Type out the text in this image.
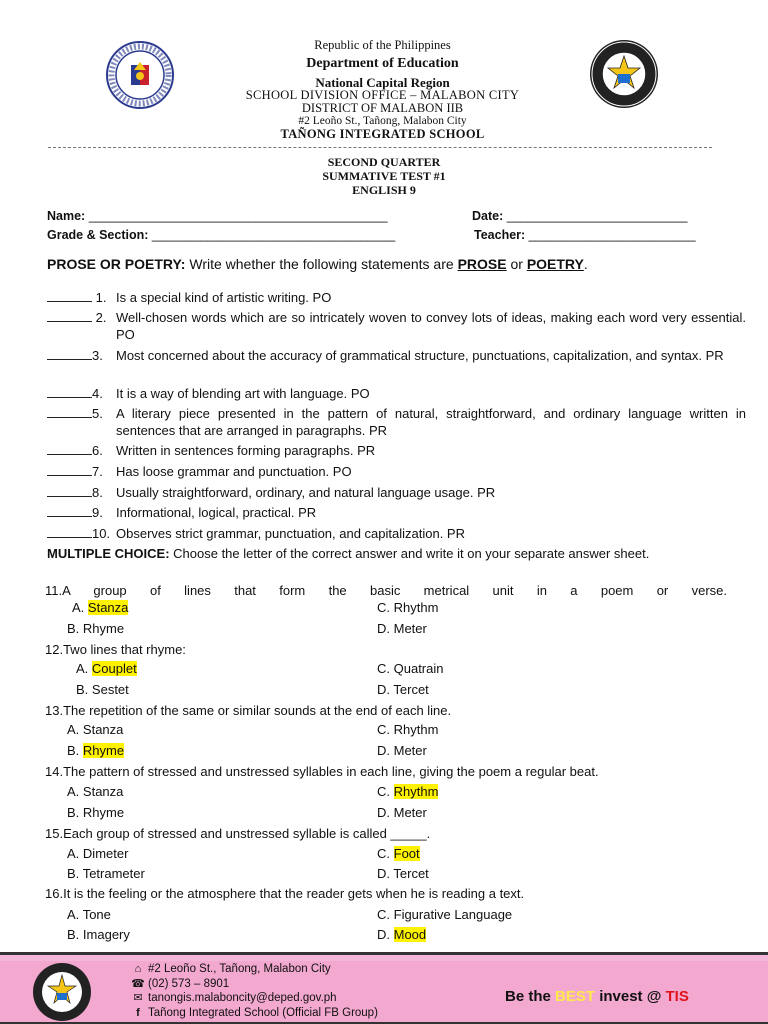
Republic of the Philippines
Department of Education
National Capital Region
SCHOOL DIVISION OFFICE – MALABON CITY
DISTRICT OF MALABON IIB
#2 Leoño St., Tañong, Malabon City
TAÑONG INTEGRATED SCHOOL
SECOND QUARTER
SUMMATIVE TEST #1
ENGLISH 9
Name: ___________________________________________	Date: __________________________
Grade & Section: ___________________________________	Teacher: ________________________
PROSE OR POETRY: Write whether the following statements are PROSE or POETRY.
1. Is a special kind of artistic writing. PO
2. Well-chosen words which are so intricately woven to convey lots of ideas, making each word very essential. PO
3. Most concerned about the accuracy of grammatical structure, punctuations, capitalization, and syntax. PR
4. It is a way of blending art with language. PO
5. A literary piece presented in the pattern of natural, straightforward, and ordinary language written in sentences that are arranged in paragraphs. PR
6. Written in sentences forming paragraphs. PR
7. Has loose grammar and punctuation. PO
8. Usually straightforward, ordinary, and natural language usage. PR
9. Informational, logical, practical. PR
10. Observes strict grammar, punctuation, and capitalization. PR
MULTIPLE CHOICE: Choose the letter of the correct answer and write it on your separate answer sheet.
11.A group of lines that form the basic metrical unit in a poem or verse.
A. Stanza	C. Rhythm
B. Rhyme	D. Meter
12.Two lines that rhyme:
A. Couplet	C. Quatrain
B. Sestet	D. Tercet
13.The repetition of the same or similar sounds at the end of each line.
A. Stanza	C. Rhythm
B. Rhyme	D. Meter
14.The pattern of stressed and unstressed syllables in each line, giving the poem a regular beat.
A. Stanza	C. Rhythm
B. Rhyme	D. Meter
15.Each group of stressed and unstressed syllable is called _____.
A. Dimeter	C. Foot
B. Tetrameter	D. Tercet
16.It is the feeling or the atmosphere that the reader gets when he is reading a text.
A. Tone	C. Figurative Language
B. Imagery	D. Mood
⌂ #2 Leoño St., Tañong, Malabon City
☎ (02) 573 – 8901
✉ tanongis.malaboncity@deped.gov.ph
f Tañong Integrated School (Official FB Group)
Be the BEST invest @ TIS
